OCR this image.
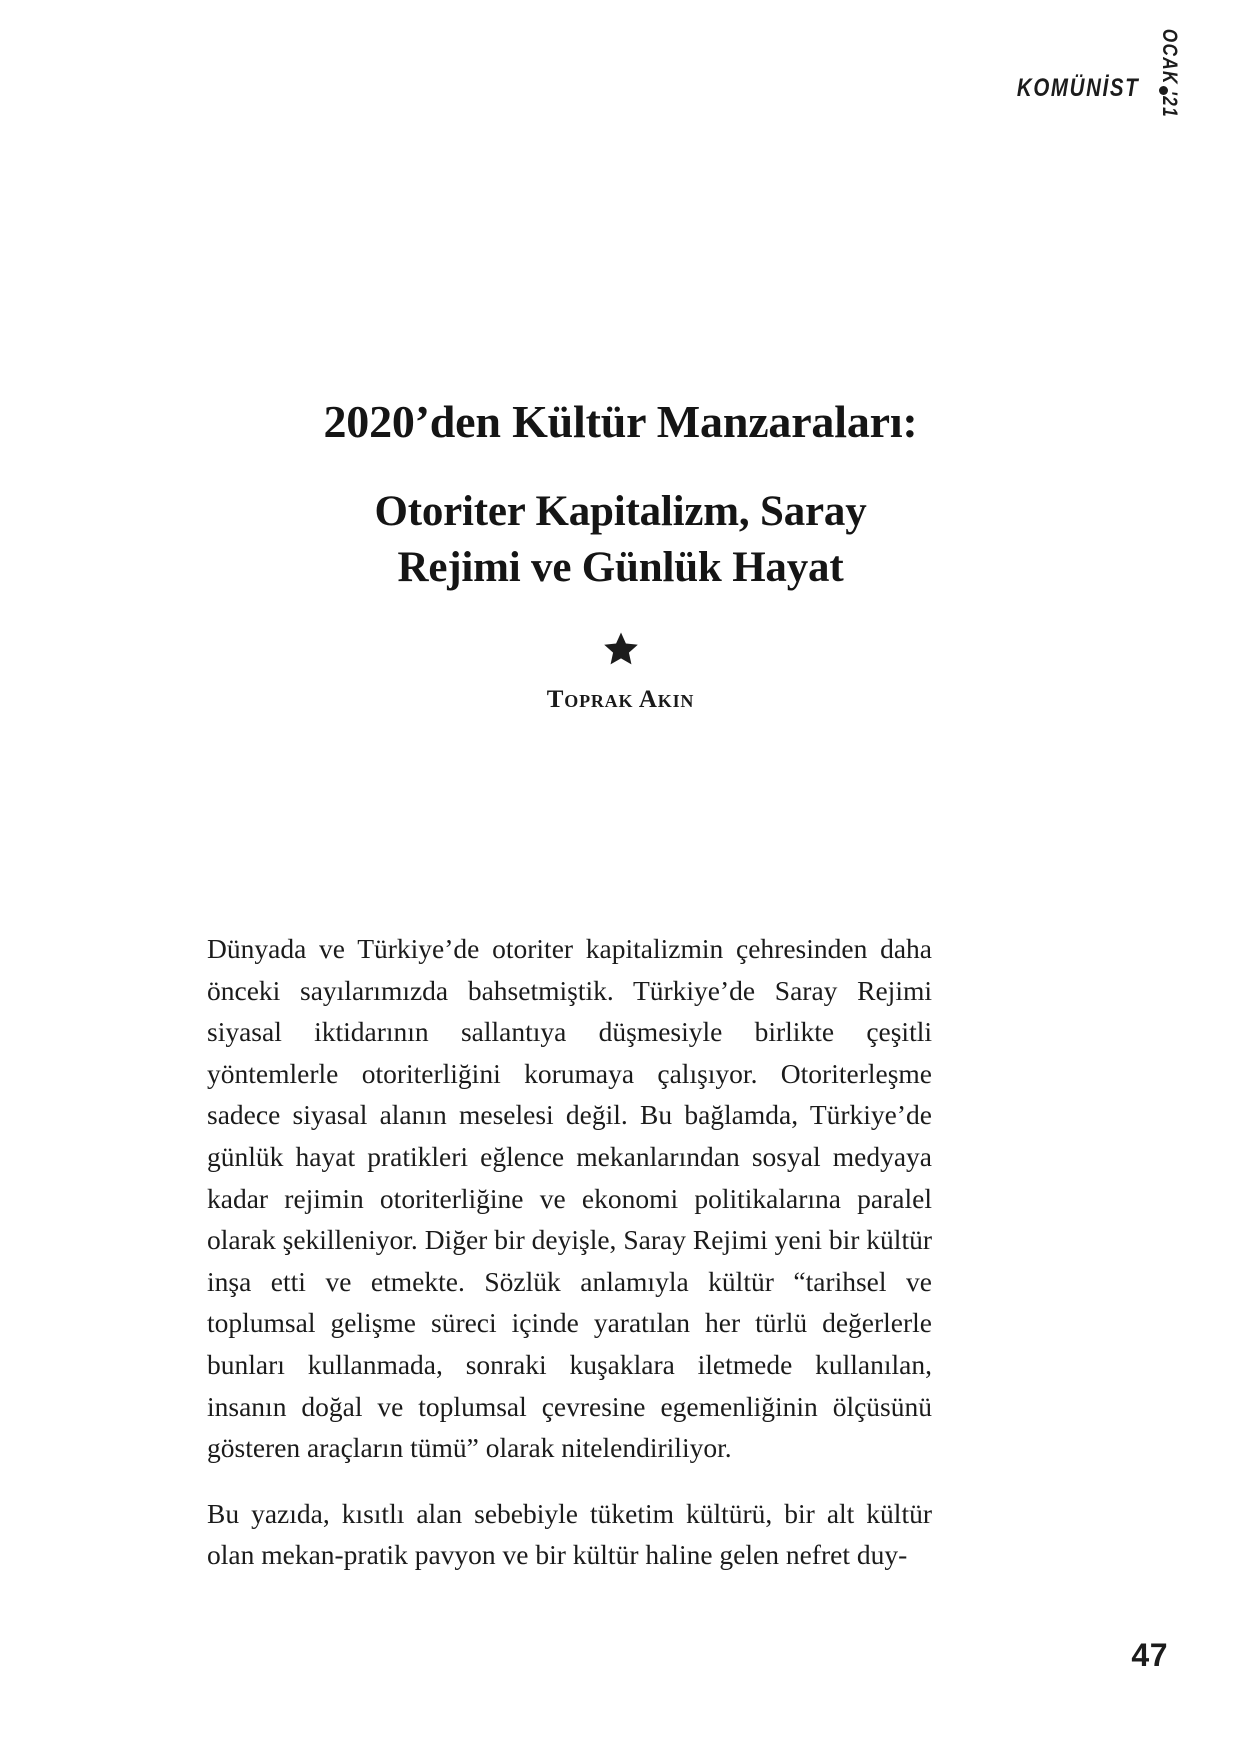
KOMÜNİST OCAK '21
2020’den Kültür Manzaraları:
Otoriter Kapitalizm, Saray
Rejimi ve Günlük Hayat
Toprak Akın

Dünyada ve Türkiye’de otoriter kapitalizmin çehresinden daha önceki sayılarımızda bahsetmiştik. Türkiye’de Saray Rejimi siyasal iktidarının sallantıya düşmesiyle birlikte çeşitli yöntemlerle otoriterliğini korumaya çalışıyor. Otoriterleşme sadece siyasal alanın meselesi değil. Bu bağlamda, Türkiye’de günlük hayat pratikleri eğlence mekanlarından sosyal medyaya kadar rejimin otoriterliğine ve ekonomi politikalarına paralel olarak şekilleniyor. Diğer bir deyişle, Saray Rejimi yeni bir kültür inşa etti ve etmekte. Sözlük anlamıyla kültür “tarihsel ve toplumsal gelişme süreci içinde yaratılan her türlü değerlerle bunları kullanmada, sonraki kuşaklara iletmede kullanılan, insanın doğal ve toplumsal çevresine egemenliğinin ölçüsünü gösteren araçların tümü” olarak nitelendiriliyor.

Bu yazıda, kısıtlı alan sebebiyle tüketim kültürü, bir alt kültür olan mekan-pratik pavyon ve bir kültür haline gelen nefret duy-

47
